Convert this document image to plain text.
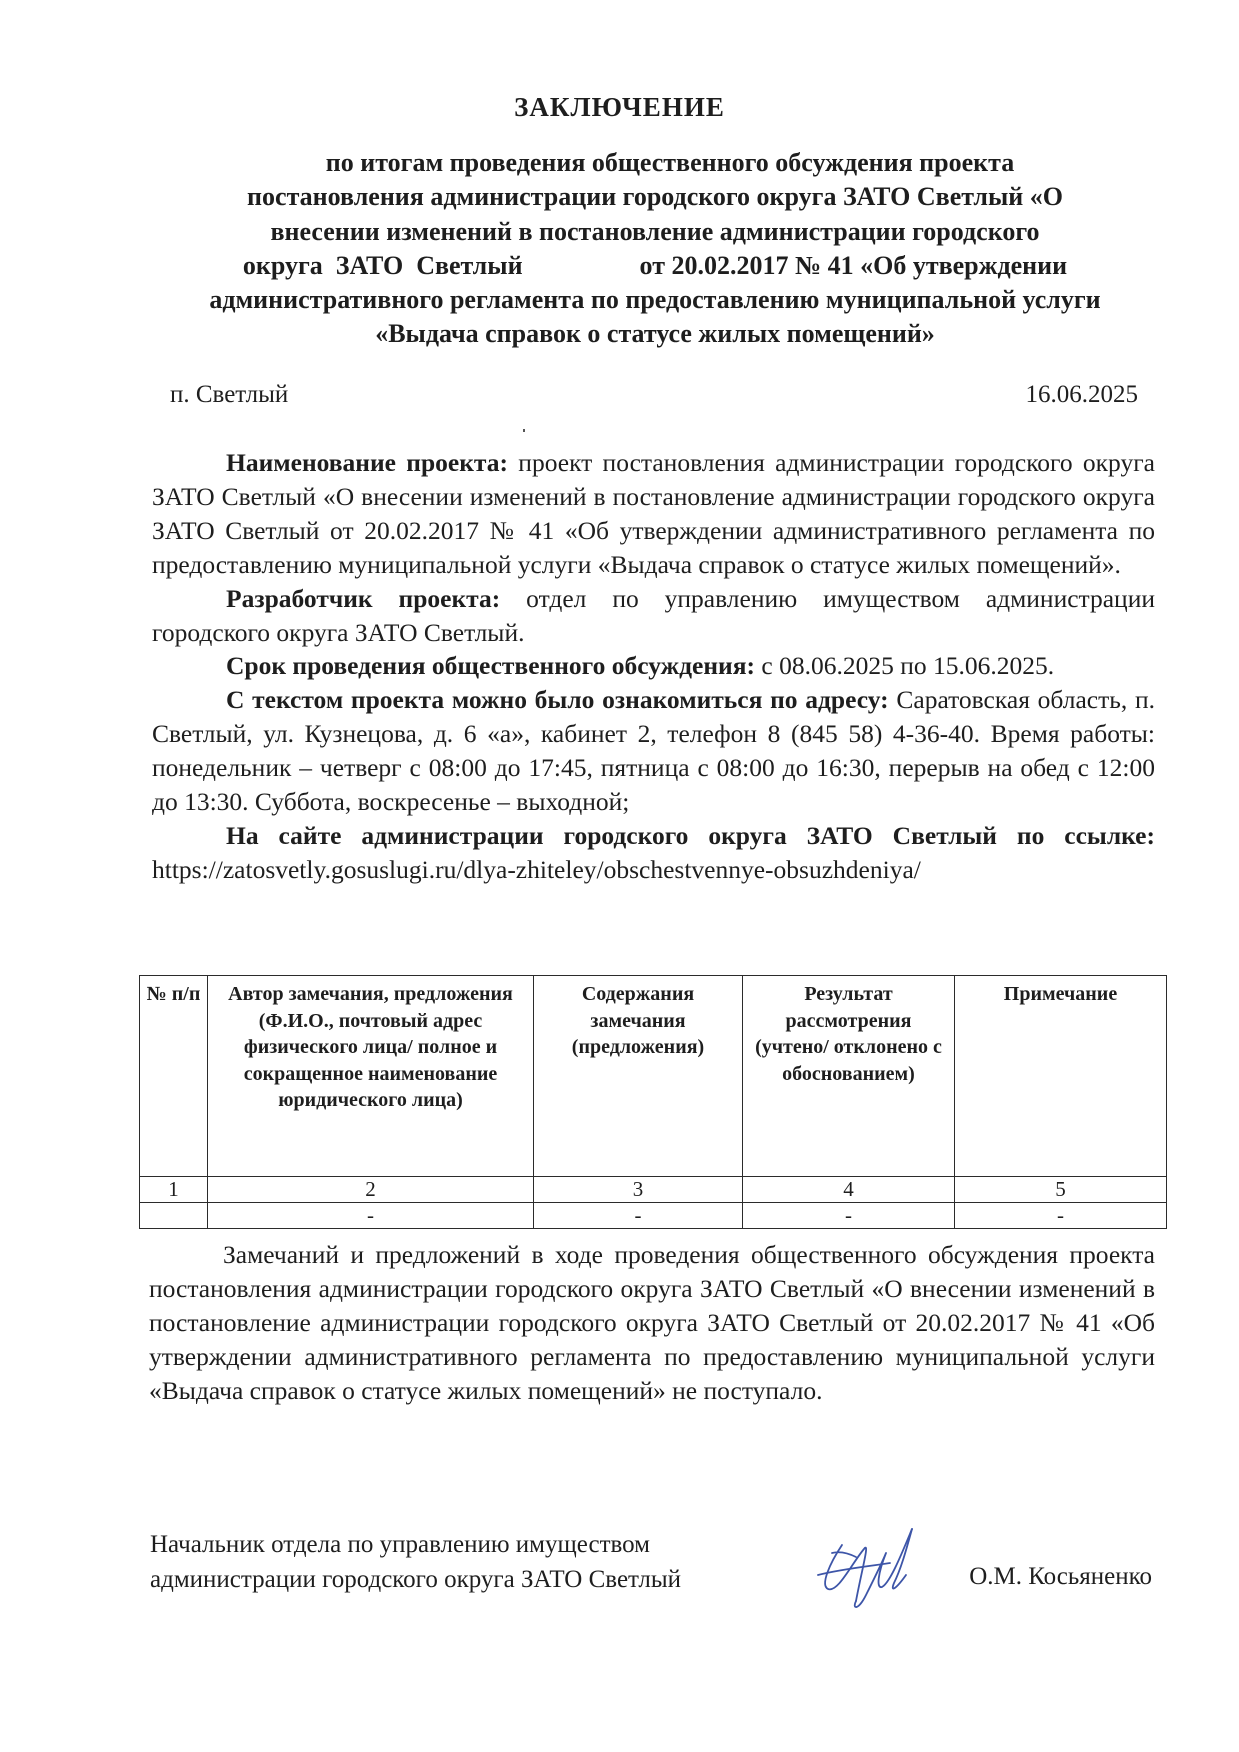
ЗАКЛЮЧЕНИЕ
по итогам проведения общественного обсуждения проекта
постановления администрации городского округа ЗАТО Светлый «О
внесении изменений в постановление администрации городского
округа  ЗАТО  Светлый                  от 20.02.2017 № 41 «Об утверждении
административного регламента по предоставлению муниципальной услуги
«Выдача справок о статусе жилых помещений»
п. Светлый	16.06.2025

Наименование проекта: проект постановления администрации городского округа ЗАТО Светлый «О внесении изменений в постановление администрации городского округа ЗАТО Светлый от 20.02.2017 № 41 «Об утверждении административного регламента по предоставлению муниципальной услуги «Выдача справок о статусе жилых помещений».

Разработчик проекта: отдел по управлению имуществом администрации городского округа ЗАТО Светлый.

Срок проведения общественного обсуждения: с 08.06.2025 по 15.06.2025.

С текстом проекта можно было ознакомиться по адресу: Саратовская область, п. Светлый, ул. Кузнецова, д. 6 «а», кабинет 2, телефон 8 (845 58) 4-36-40. Время работы: понедельник – четверг с 08:00 до 17:45, пятница с 08:00 до 16:30, перерыв на обед с 12:00 до 13:30. Суббота, воскресенье – выходной;

На сайте администрации городского округа ЗАТО Светлый по ссылке: https://zatosvetly.gosuslugi.ru/dlya-zhiteley/obschestvennye-obsuzhdeniya/

№ п/п	Автор замечания, предложения (Ф.И.О., почтовый адрес физического лица/ полное и сокращенное наименование юридического лица)	Содержания замечания (предложения)	Результат рассмотрения (учтено/ отклонено с обоснованием)	Примечание
1	2	3	4	5
	-	-	-	-

Замечаний и предложений в ходе проведения общественного обсуждения проекта постановления администрации городского округа ЗАТО Светлый «О внесении изменений в постановление администрации городского округа ЗАТО Светлый от 20.02.2017 № 41 «Об утверждении административного регламента по предоставлению муниципальной услуги «Выдача справок о статусе жилых помещений» не поступало.

Начальник отдела по управлению имуществом
администрации городского округа ЗАТО Светлый	О.М. Косьяненко
